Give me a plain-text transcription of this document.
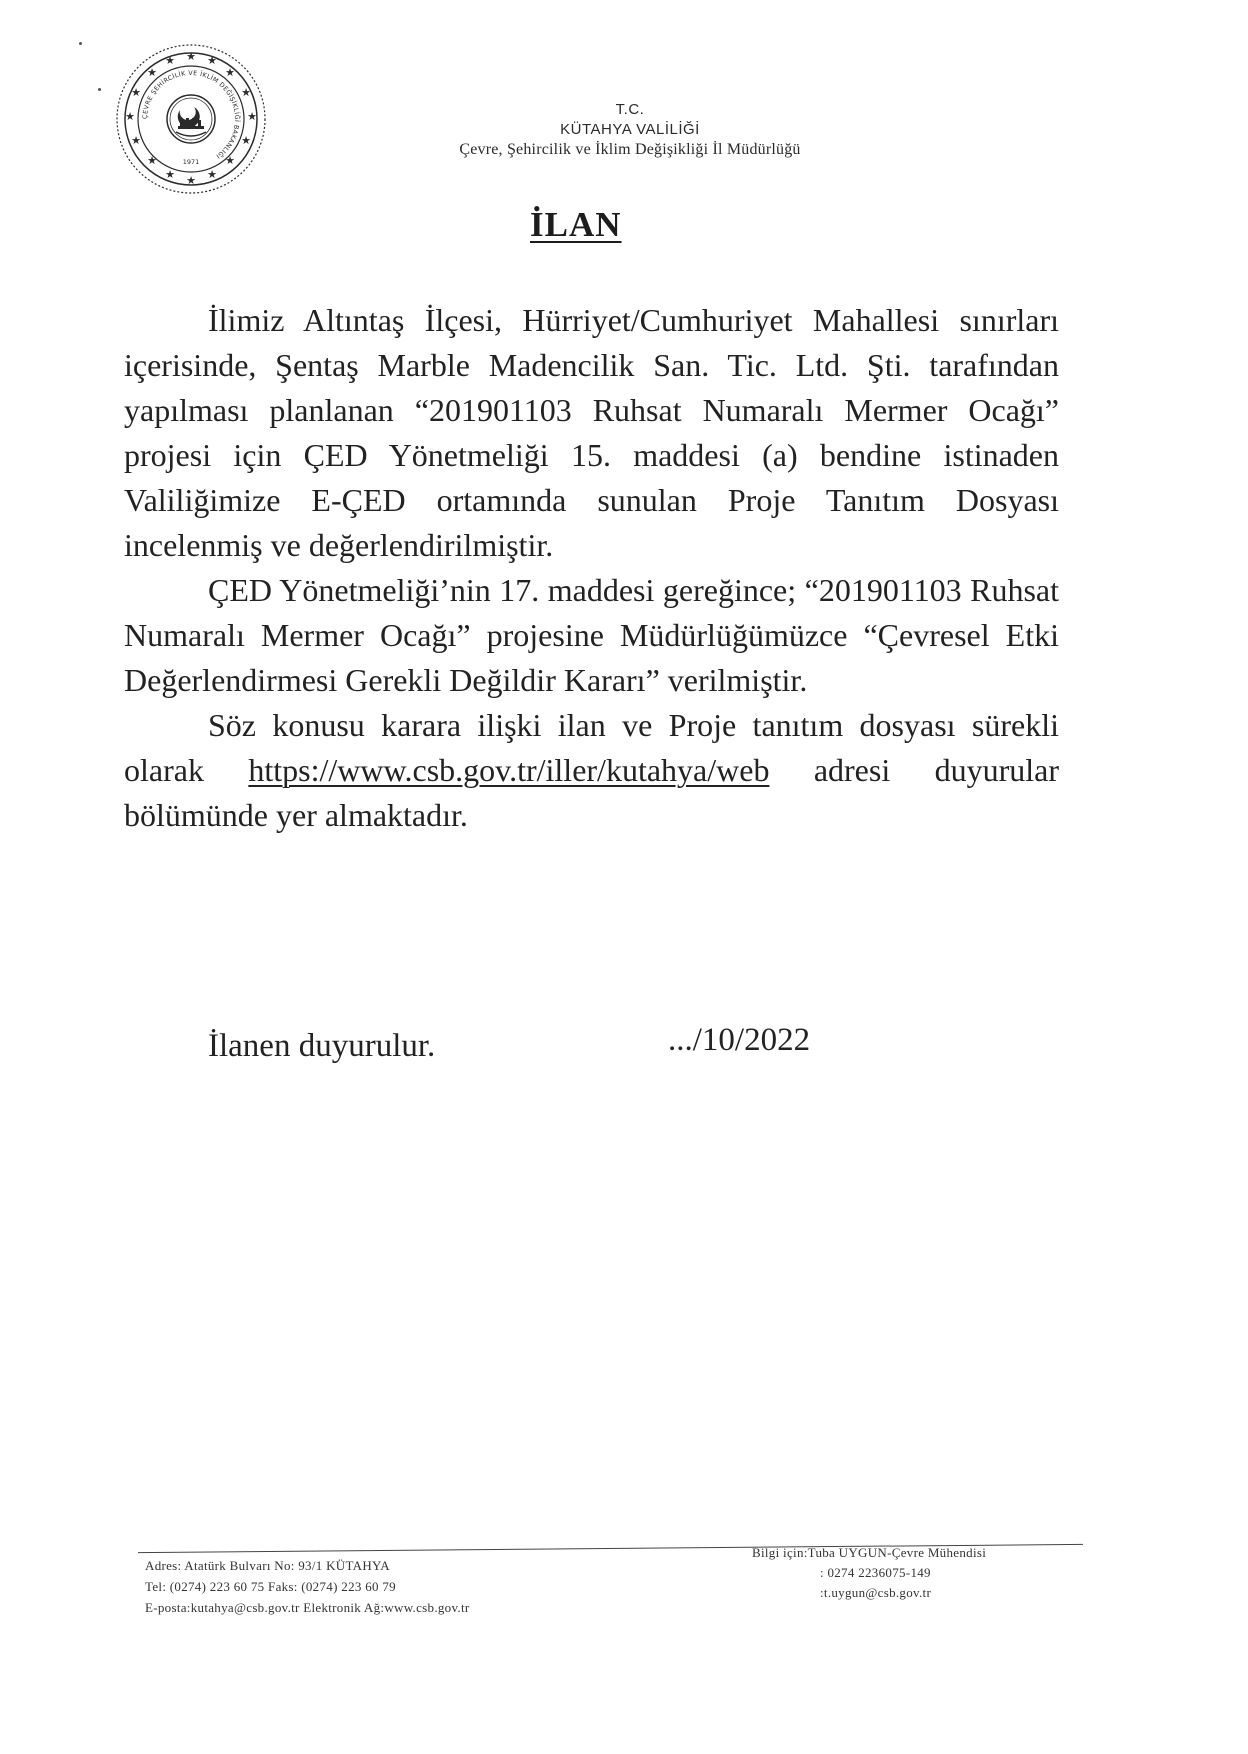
★
★	★
★	★
★	★
★	★
★	★
★	★
★	★
★
ÇEVRE ŞEHİRCİLİK VE İKLİM DEĞİŞİKLİĞİ BAKANLIĞI
1971
T.C.
KÜTAHYA VALİLİĞİ
Çevre, Şehircilik ve İklim Değişikliği İl Müdürlüğü
İLAN

İlimiz Altıntaş İlçesi, Hürriyet/Cumhuriyet Mahallesi sınırları içerisinde, Şentaş Marble Madencilik San. Tic. Ltd. Şti. tarafından yapılması planlanan “201901103 Ruhsat Numaralı Mermer Ocağı” projesi için ÇED Yönetmeliği 15. maddesi (a) bendine istinaden Valiliğimize E-ÇED ortamında sunulan Proje Tanıtım Dosyası incelenmiş ve değerlendirilmiştir.

ÇED Yönetmeliği’nin 17. maddesi gereğince; “201901103 Ruhsat Numaralı Mermer Ocağı” projesine Müdürlüğümüzce “Çevresel Etki Değerlendirmesi Gerekli Değildir Kararı” verilmiştir.

Söz konusu karara ilişki ilan ve Proje tanıtım dosyası sürekli olarak https://www.csb.gov.tr/iller/kutahya/web adresi duyurular bölümünde yer almaktadır.

İlanen duyurulur.	.../10/2022
Adres: Atatürk Bulvarı No: 93/1 KÜTAHYA
Tel: (0274) 223 60 75 Faks: (0274) 223 60 79
E-posta:kutahya@csb.gov.tr Elektronik Ağ:www.csb.gov.tr
Bilgi için:Tuba UYGUN-Çevre Mühendisi
: 0274 2236075-149
:t.uygun@csb.gov.tr
